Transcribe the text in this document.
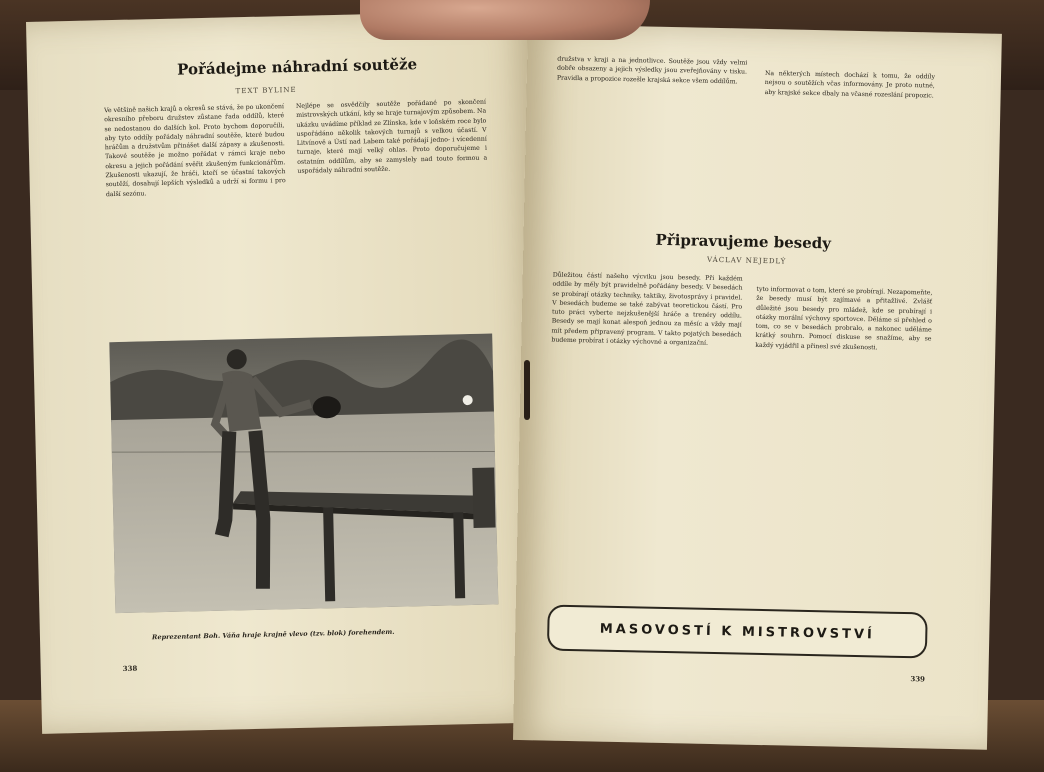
Pořádejme náhradní soutěže
TEXT BYLINE
Ve většině našich krajů a okresů se stává, že po ukončení okresního přeboru družstev zůstane řada oddílů, které se nedostanou do dalších kol. Proto bychom doporučili, aby tyto oddíly pořádaly náhradní soutěže, které budou hráčům a družstvům přinášet další zápasy a zkušenosti. Takové soutěže je možno pořádat v rámci kraje nebo okresu a jejich pořádání svěřit zkušeným funkcionářům. Zkušenosti ukazují, že hráči, kteří se účastní takových soutěží, dosahují lepších výsledků a udrží si formu i pro další sezónu.
Nejlépe se osvědčily soutěže pořádané po skončení mistrovských utkání, kdy se hraje turnajovým způsobem. Na ukázku uvádíme příklad ze Zlínska, kde v loňském roce bylo uspořádáno několik takových turnajů s velkou účastí. V Litvínově a Ústí nad Labem také pořádají jedno- i vícedenní turnaje, které mají velký ohlas. Proto doporučujeme i ostatním oddílům, aby se zamyslely nad touto formou a uspořádaly náhradní soutěže.
Reprezentant Boh. Váňa hraje krajně vlevo (tzv. blok) forehendem.
338
družstva v kraji a na jednotlivce. Soutěže jsou vždy velmi dobře obsazeny a jejich výsledky jsou zveřejňovány v tisku. Pravidla a propozice rozešle krajská sekce všem oddílům.	Na některých místech dochází k tomu, že oddíly nejsou o soutěžích včas informovány. Je proto nutné, aby krajské sekce dbaly na včasné rozeslání propozic.
Připravujeme besedy
VÁCLAV NEJEDLÝ
Důležitou částí našeho výcviku jsou besedy. Při každém oddíle by měly být pravidelně pořádány besedy. V besedách se probírají otázky techniky, taktiky, životosprávy i pravidel. V besedách budeme se také zabývat teoretickou částí. Pro tuto práci vyberte nejzkušenější hráče a trenéry oddílu. Besedy se mají konat alespoň jednou za měsíc a vždy mají mít předem připravený program. V takto pojatých besedách budeme probírat i otázky výchovné a organizační.
tyto informovat o tom, které se probírají. Nezapomeňte, že besedy musí být zajímavé a přitažlivé. Zvlášť důležité jsou besedy pro mládež, kde se probírají i otázky morální výchovy sportovce. Děláme si přehled o tom, co se v besedách probralo, a nakonec uděláme krátký souhrn. Pomocí diskuse se snažíme, aby se každý vyjádřil a přinesl své zkušenosti.
MASOVOSTÍ K MISTROVSTVÍ
339
